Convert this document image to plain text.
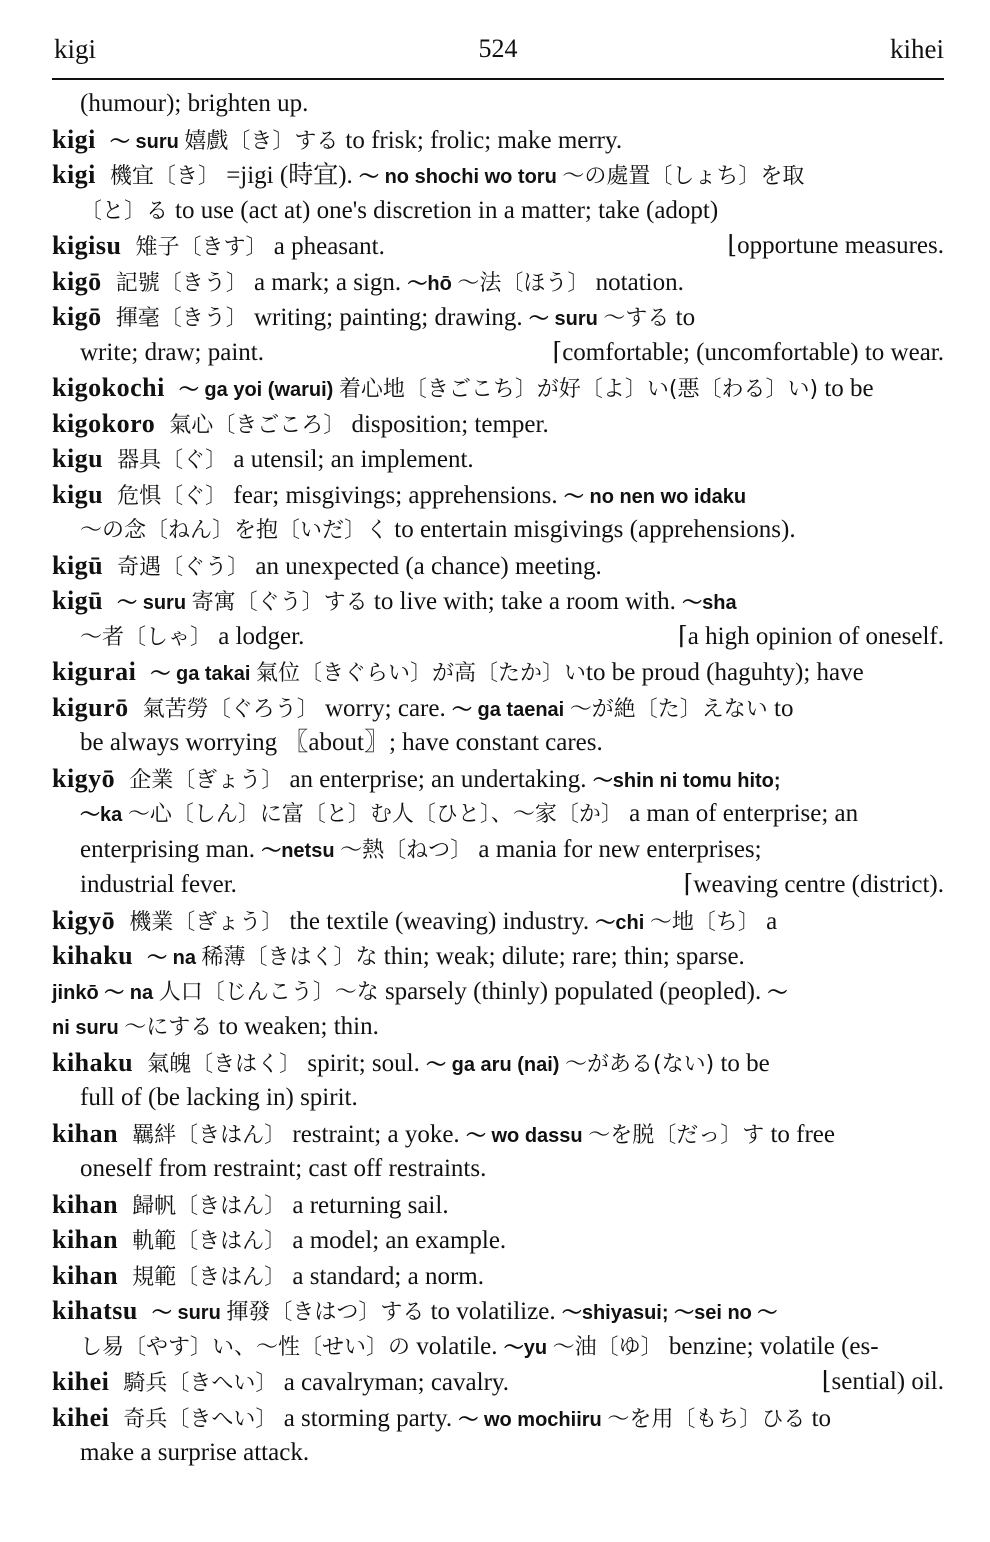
kigi	524	kihei
(humour); brighten up.
kigi ～ suru 嬉戲〔き〕する to frisk; frolic; make merry.
kigi 機宜〔き〕 =jigi (時宜). ～ no shochi wo toru ～の處置〔しょち〕を取
〔と〕る to use (act at) one's discretion in a matter; take (adopt)
kigisu 雉子〔きす〕 a pheasant.	⌊opportune measures.
kigō 記號〔きう〕 a mark; a sign. ～hō ～法〔ほう〕 notation.
kigō 揮毫〔きう〕 writing; painting; drawing. ～ suru ～する to
write; draw; paint.	⌈comfortable; (uncomfortable) to wear.
kigokochi ～ ga yoi (warui) 着心地〔きごこち〕が好〔よ〕い(悪〔わる〕い) to be
kigokoro 氣心〔きごころ〕 disposition; temper.
kigu 器具〔ぐ〕 a utensil; an implement.
kigu 危惧〔ぐ〕 fear; misgivings; apprehensions. ～ no nen wo idaku
～の念〔ねん〕を抱〔いだ〕く to entertain misgivings (apprehensions).
kigū 奇遇〔ぐう〕 an unexpected (a chance) meeting.
kigū ～ suru 寄寓〔ぐう〕する to live with; take a room with. ～sha
～者〔しゃ〕 a lodger.	⌈a high opinion of oneself.
kigurai ～ ga takai 氣位〔きぐらい〕が高〔たか〕いto be proud (haguhty); have
kigurō 氣苦勞〔ぐろう〕 worry; care. ～ ga taenai ～が絶〔た〕えない to
be always worrying 〖about〗; have constant cares.
kigyō 企業〔ぎょう〕 an enterprise; an undertaking. ～shin ni tomu hito;
～ka ～心〔しん〕に富〔と〕む人〔ひと〕、～家〔か〕 a man of enterprise; an
enterprising man. ～netsu ～熱〔ねつ〕 a mania for new enterprises;
industrial fever.	⌈weaving centre (district).
kigyō 機業〔ぎょう〕 the textile (weaving) industry. ～chi ～地〔ち〕 a
kihaku ～ na 稀薄〔きはく〕な thin; weak; dilute; rare; thin; sparse.
jinkō ～ na 人口〔じんこう〕～な sparsely (thinly) populated (peopled). ～
ni suru ～にする to weaken; thin.
kihaku 氣魄〔きはく〕 spirit; soul. ～ ga aru (nai) ～がある(ない) to be
full of (be lacking in) spirit.
kihan 羈絆〔きはん〕 restraint; a yoke. ～ wo dassu ～を脱〔だっ〕す to free
oneself from restraint; cast off restraints.
kihan 歸帆〔きはん〕 a returning sail.
kihan 軌範〔きはん〕 a model; an example.
kihan 規範〔きはん〕 a standard; a norm.
kihatsu ～ suru 揮發〔きはつ〕する to volatilize. ～shiyasui; ～sei no ～
し易〔やす〕い、～性〔せい〕の volatile. ～yu ～油〔ゆ〕 benzine; volatile (es-
kihei 騎兵〔きへい〕 a cavalryman; cavalry.	⌊sential) oil.
kihei 奇兵〔きへい〕 a storming party. ～ wo mochiiru ～を用〔もち〕ひる to
make a surprise attack.
